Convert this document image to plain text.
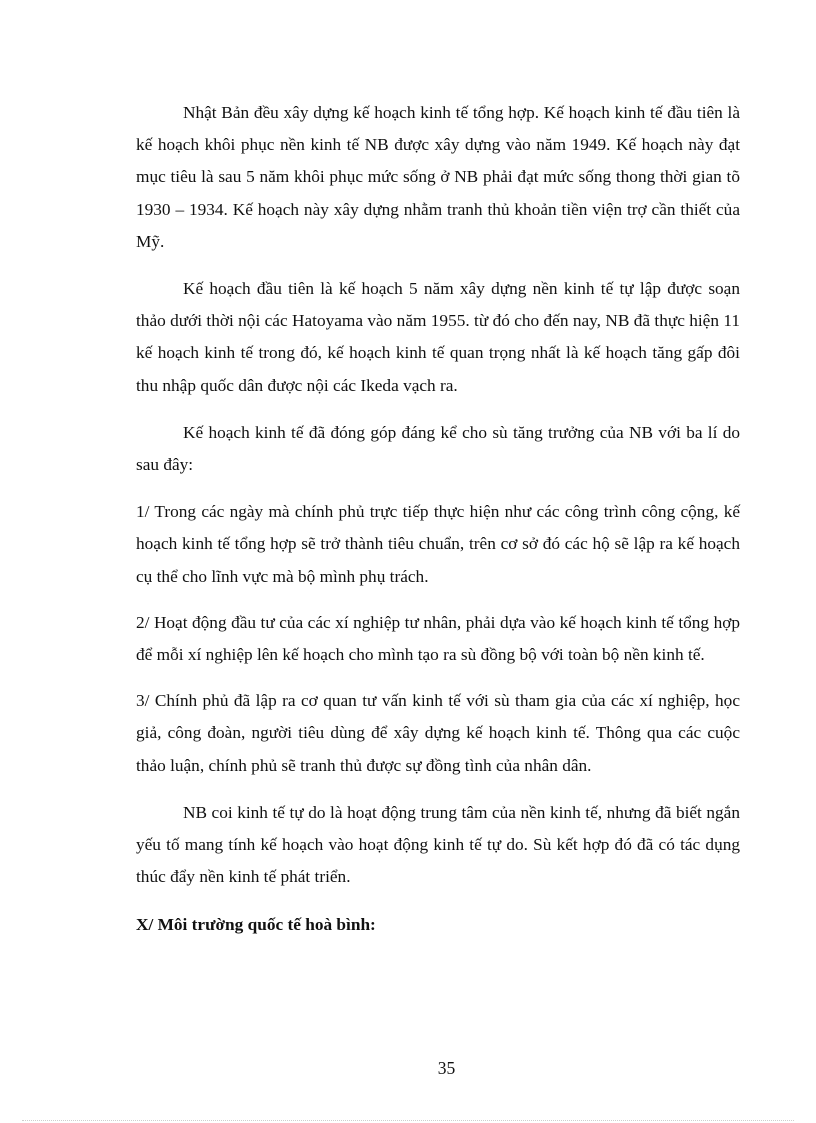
Nhật Bản đều xây dựng kế hoạch kinh tế tổng hợp. Kế hoạch kinh tế đầu tiên là kế hoạch khôi phục nền kinh tế NB được xây dựng vào năm 1949. Kế hoạch này đạt mục tiêu là sau 5 năm khôi phục mức sống ở NB phải đạt mức sống thong thời gian tõ 1930 – 1934. Kế hoạch này xây dựng nhằm tranh thủ khoản tiền viện trợ cần thiết của Mỹ.

Kế hoạch đầu tiên là kế hoạch 5 năm xây dựng nền kinh tế tự lập được soạn thảo dưới thời nội các Hatoyama vào năm 1955. từ đó cho đến nay, NB đã thực hiện 11 kế hoạch kinh tế trong đó, kế hoạch kinh tế quan trọng nhất là kế hoạch tăng gấp đôi thu nhập quốc dân được nội các Ikeda vạch ra.

Kế hoạch kinh tế đã đóng góp đáng kể cho sù tăng trưởng của NB với ba lí do sau đây:

1/ Trong các ngày mà chính phủ trực tiếp thực hiện như các công trình công cộng, kế hoạch kinh tế tổng hợp sẽ trở thành tiêu chuẩn, trên cơ sở đó các hộ sẽ lập ra kế hoạch cụ thể cho lĩnh vực mà bộ mình phụ trách.

2/ Hoạt động đầu tư của các xí nghiệp tư nhân, phải dựa vào kế hoạch kinh tế tổng hợp để mỗi xí nghiệp lên kế hoạch cho mình tạo ra sù đồng bộ với toàn bộ nền kinh tế.

3/ Chính phủ đã lập ra cơ quan tư vấn kinh tế với sù tham gia của các xí nghiệp, học giả, công đoàn, người tiêu dùng để xây dựng kế hoạch kinh tế. Thông qua các cuộc thảo luận, chính phủ sẽ tranh thủ được sự đồng tình của nhân dân.

NB coi kinh tế tự do là hoạt động trung tâm của nền kinh tế, nhưng đã biết ngắn yếu tố mang tính kế hoạch vào hoạt động kinh tế tự do. Sù kết hợp đó đã có tác dụng thúc đẩy nền kinh tế phát triển.

X/ Môi trường quốc tế hoà bình:
35
